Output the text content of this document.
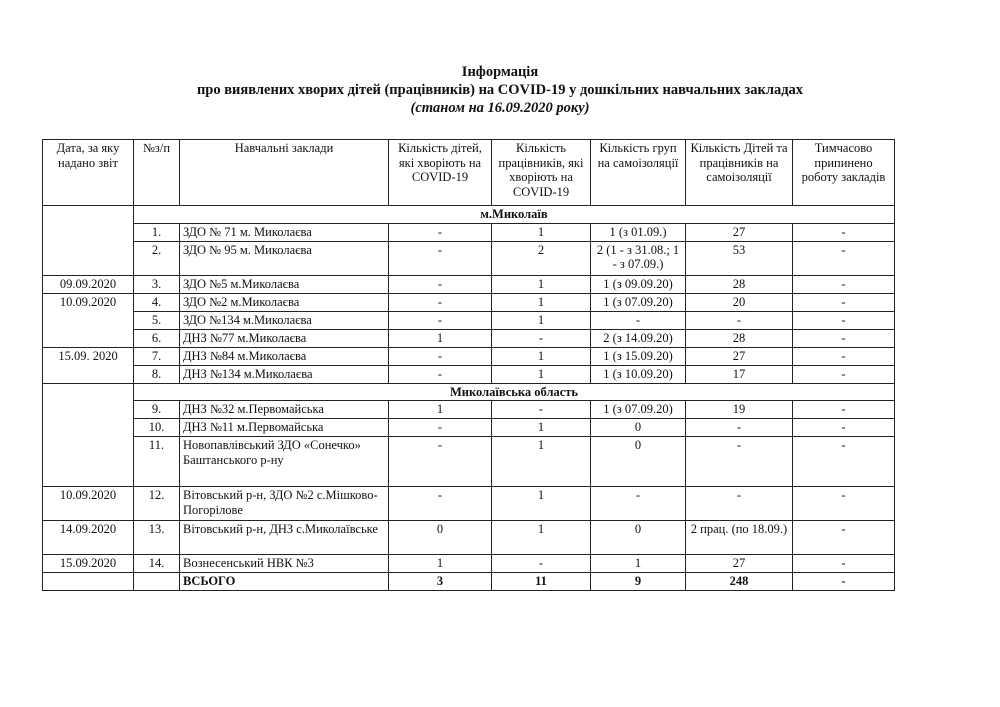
Інформація
про виявлених хворих дітей (працівників) на COVID-19 у дошкільних навчальних закладах
(станом на 16.09.2020 року)
Дата, за яку надано звіт	№з/п	Навчальні заклади	Кількість дітей, які хворіють на COVID-19	Кількість працівників, які хворіють на COVID-19	Кількість груп на самоізоляції	Кількість Дітей та працівників на самоізоляції	Тимчасово припинено роботу закладів
	м.Миколаїв						
	1.	ЗДО № 71 м. Миколаєва	-	1	1 (з 01.09.)	27	-
	2.	ЗДО № 95 м. Миколаєва	-	2	2 (1 - з 31.08.; 1 - з 07.09.)	53	-
09.09.2020	3.	ЗДО №5 м.Миколаєва	-	1	1 (з 09.09.20)	28	-
10.09.2020	4.	ЗДО №2 м.Миколаєва	-	1	1 (з 07.09.20)	20	-
	5.	ЗДО №134 м.Миколаєва	-	1	-	-	-
	6.	ДНЗ №77 м.Миколаєва	1	-	2 (з 14.09.20)	28	-
15.09. 2020	7.	ДНЗ №84 м.Миколаєва	-	1	1 (з 15.09.20)	27	-
	8.	ДНЗ №134 м.Миколаєва	-	1	1 (з 10.09.20)	17	-
	Миколаївська область						
	9.	ДНЗ №32 м.Первомайська	1	-	1 (з 07.09.20)	19	-
	10.	ДНЗ №11 м.Первомайська	-	1	0	-	-
	11.	Новопавлівський ЗДО «Сонечко» Баштанського р-ну	-	1	0	-	-
10.09.2020	12.	Вітовський р-н, ЗДО №2 с.Мішково-Погорілове	-	1	-	-	-
14.09.2020	13.	Вітовський р-н, ДНЗ с.Миколаївське	0	1	0	2 прац. (по 18.09.)	-
15.09.2020	14.	Вознесенський НВК №3	1	-	1	27	-
		ВСЬОГО	3	11	9	248	-
